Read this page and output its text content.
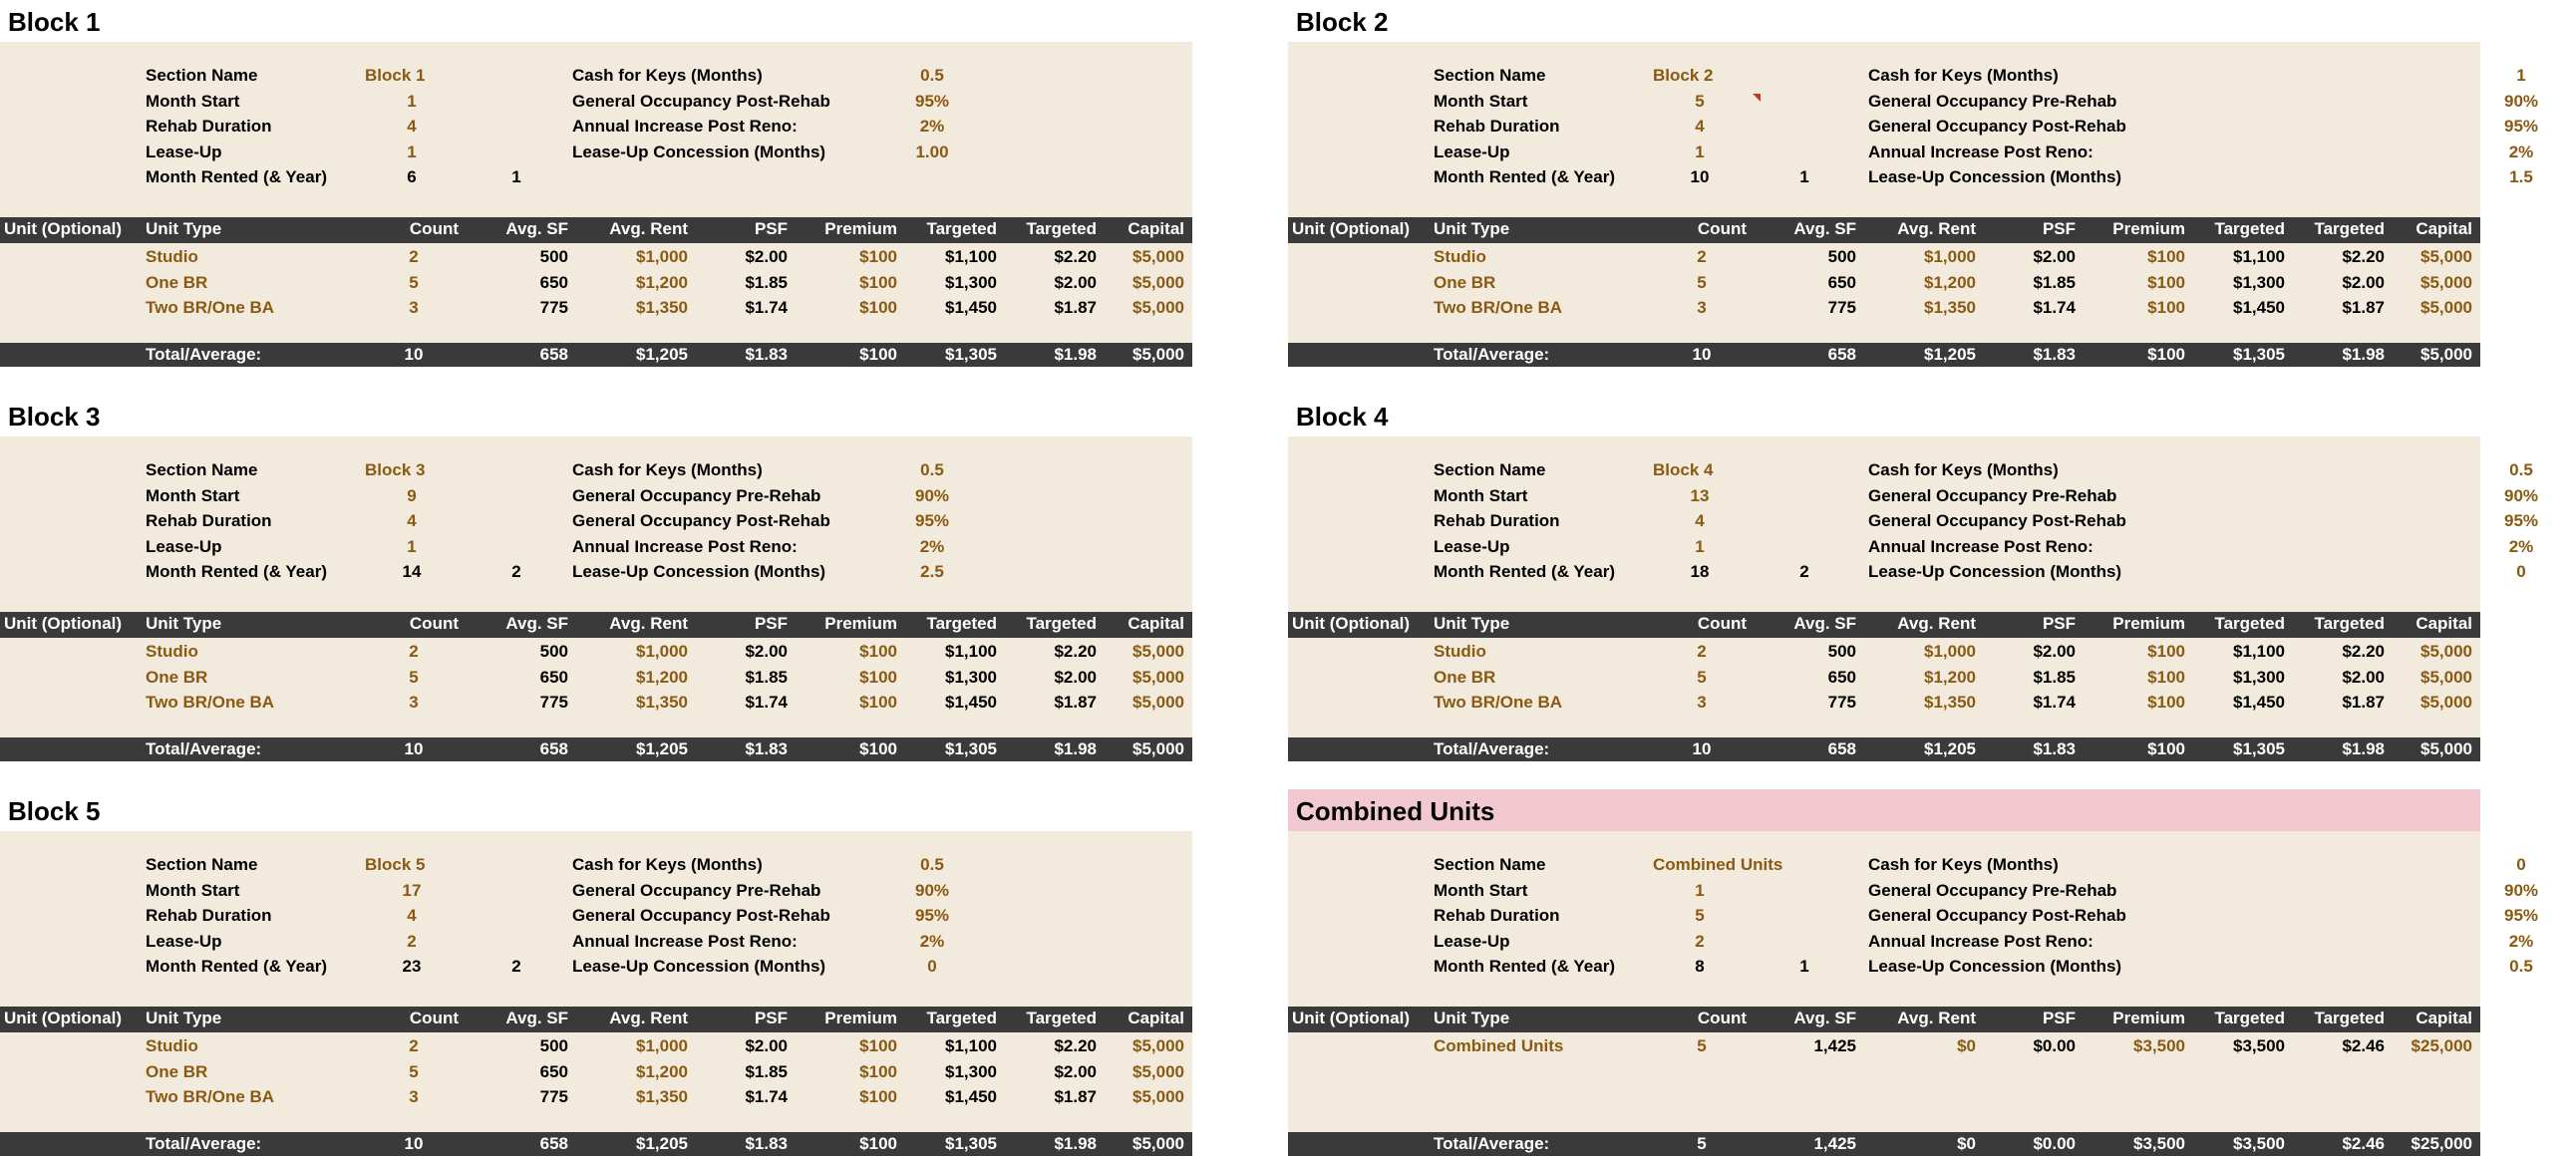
Block 1
Section Name	Block 1
Month Start	1
Rehab Duration	4
Lease-Up	1
Month Rented (& Year)	6	1
Cash for Keys (Months)	0.5
General Occupancy Post-Rehab	95%
Annual Increase Post Reno:	2%
Lease-Up Concession (Months)	1.00
Unit (Optional)	Unit Type	Count	Avg. SF	Avg. Rent	PSF	Premium	Targeted	Targeted	Capital
Studio	2	500	$1,000	$2.00	$100	$1,100	$2.20	$5,000
One BR	5	650	$1,200	$1.85	$100	$1,300	$2.00	$5,000
Two BR/One BA	3	775	$1,350	$1.74	$100	$1,450	$1.87	$5,000
Total/Average:	10	658	$1,205	$1.83	$100	$1,305	$1.98	$5,000
Block 2
Section Name	Block 2
Month Start	5
Rehab Duration	4
Lease-Up	1
Month Rented (& Year)	10	1
Cash for Keys (Months)	1
General Occupancy Pre-Rehab	90%
General Occupancy Post-Rehab	95%
Annual Increase Post Reno:	2%
Lease-Up Concession (Months)	1.5
Unit (Optional)	Unit Type	Count	Avg. SF	Avg. Rent	PSF	Premium	Targeted	Targeted	Capital
Studio	2	500	$1,000	$2.00	$100	$1,100	$2.20	$5,000
One BR	5	650	$1,200	$1.85	$100	$1,300	$2.00	$5,000
Two BR/One BA	3	775	$1,350	$1.74	$100	$1,450	$1.87	$5,000
Total/Average:	10	658	$1,205	$1.83	$100	$1,305	$1.98	$5,000
Block 3
Section Name	Block 3
Month Start	9
Rehab Duration	4
Lease-Up	1
Month Rented (& Year)	14	2
Cash for Keys (Months)	0.5
General Occupancy Pre-Rehab	90%
General Occupancy Post-Rehab	95%
Annual Increase Post Reno:	2%
Lease-Up Concession (Months)	2.5
Unit (Optional)	Unit Type	Count	Avg. SF	Avg. Rent	PSF	Premium	Targeted	Targeted	Capital
Studio	2	500	$1,000	$2.00	$100	$1,100	$2.20	$5,000
One BR	5	650	$1,200	$1.85	$100	$1,300	$2.00	$5,000
Two BR/One BA	3	775	$1,350	$1.74	$100	$1,450	$1.87	$5,000
Total/Average:	10	658	$1,205	$1.83	$100	$1,305	$1.98	$5,000
Block 4
Section Name	Block 4
Month Start	13
Rehab Duration	4
Lease-Up	1
Month Rented (& Year)	18	2
Cash for Keys (Months)	0.5
General Occupancy Pre-Rehab	90%
General Occupancy Post-Rehab	95%
Annual Increase Post Reno:	2%
Lease-Up Concession (Months)	0
Unit (Optional)	Unit Type	Count	Avg. SF	Avg. Rent	PSF	Premium	Targeted	Targeted	Capital
Studio	2	500	$1,000	$2.00	$100	$1,100	$2.20	$5,000
One BR	5	650	$1,200	$1.85	$100	$1,300	$2.00	$5,000
Two BR/One BA	3	775	$1,350	$1.74	$100	$1,450	$1.87	$5,000
Total/Average:	10	658	$1,205	$1.83	$100	$1,305	$1.98	$5,000
Block 5
Section Name	Block 5
Month Start	17
Rehab Duration	4
Lease-Up	2
Month Rented (& Year)	23	2
Cash for Keys (Months)	0.5
General Occupancy Pre-Rehab	90%
General Occupancy Post-Rehab	95%
Annual Increase Post Reno:	2%
Lease-Up Concession (Months)	0
Unit (Optional)	Unit Type	Count	Avg. SF	Avg. Rent	PSF	Premium	Targeted	Targeted	Capital
Studio	2	500	$1,000	$2.00	$100	$1,100	$2.20	$5,000
One BR	5	650	$1,200	$1.85	$100	$1,300	$2.00	$5,000
Two BR/One BA	3	775	$1,350	$1.74	$100	$1,450	$1.87	$5,000
Total/Average:	10	658	$1,205	$1.83	$100	$1,305	$1.98	$5,000
Combined Units
Section Name	Combined Units
Month Start	1
Rehab Duration	5
Lease-Up	2
Month Rented (& Year)	8	1
Cash for Keys (Months)	0
General Occupancy Pre-Rehab	90%
General Occupancy Post-Rehab	95%
Annual Increase Post Reno:	2%
Lease-Up Concession (Months)	0.5
Unit (Optional)	Unit Type	Count	Avg. SF	Avg. Rent	PSF	Premium	Targeted	Targeted	Capital
Combined Units	5	1,425	$0	$0.00	$3,500	$3,500	$2.46	$25,000
Total/Average:	5	1,425	$0	$0.00	$3,500	$3,500	$2.46	$25,000
